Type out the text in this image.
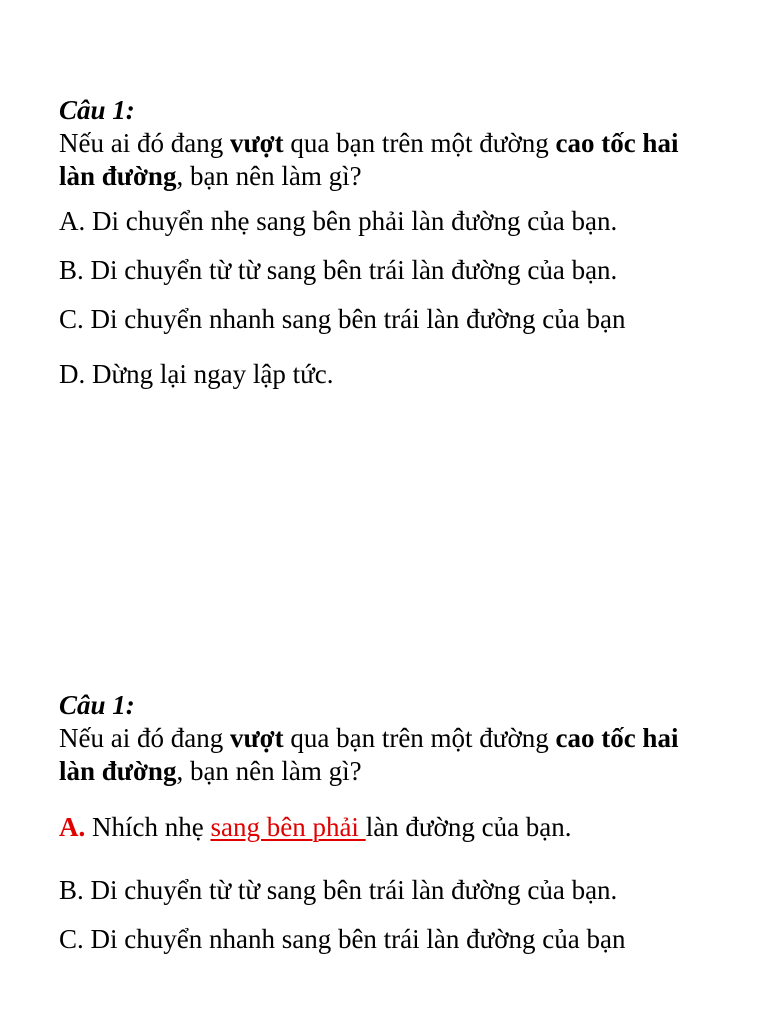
Câu 1:

Nếu ai đó đang vượt qua bạn trên một đường cao tốc hai làn đường, bạn nên làm gì?

A. Di chuyển nhẹ sang bên phải làn đường của bạn.

B. Di chuyển từ từ sang bên trái làn đường của bạn.

C. Di chuyển nhanh sang bên trái làn đường của bạn

D. Dừng lại ngay lập tức.

Câu 1:

Nếu ai đó đang vượt qua bạn trên một đường cao tốc hai làn đường, bạn nên làm gì?

A. Nhích nhẹ sang bên phải làn đường của bạn.

B. Di chuyển từ từ sang bên trái làn đường của bạn.

C. Di chuyển nhanh sang bên trái làn đường của bạn
